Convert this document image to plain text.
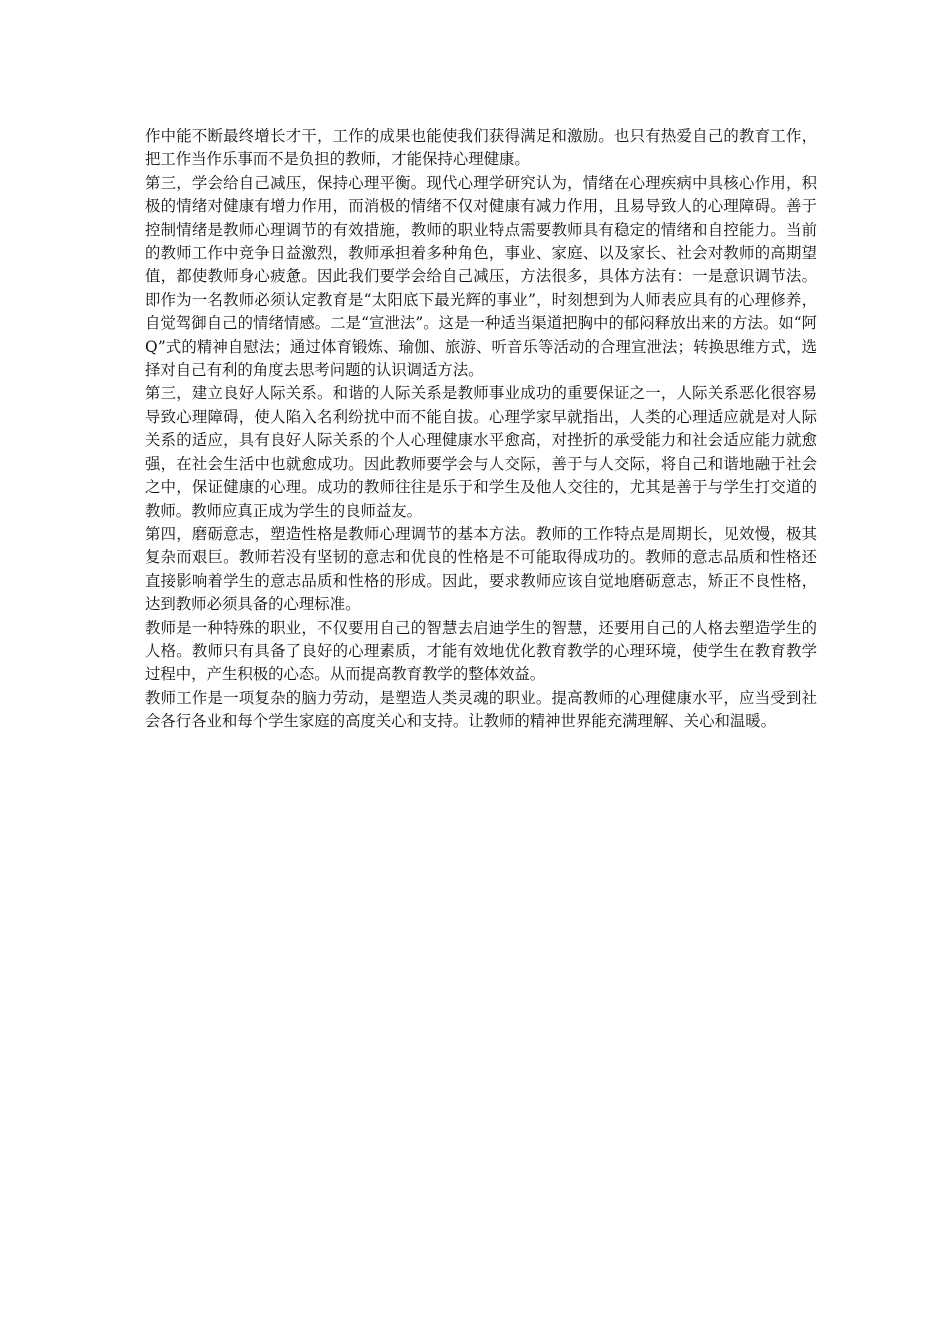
作中能不断最终增长才干，工作的成果也能使我们获得满足和激励。也只有热爱自己的教育工作，把工作当作乐事而不是负担的教师，才能保持心理健康。

第三，学会给自己减压，保持心理平衡。现代心理学研究认为，情绪在心理疾病中具核心作用，积极的情绪对健康有增力作用，而消极的情绪不仅对健康有减力作用，且易导致人的心理障碍。善于控制情绪是教师心理调节的有效措施，教师的职业特点需要教师具有稳定的情绪和自控能力。当前的教师工作中竞争日益激烈，教师承担着多种角色，事业、家庭、以及家长、社会对教师的高期望值，都使教师身心疲惫。因此我们要学会给自己减压，方法很多，具体方法有：一是意识调节法。即作为一名教师必须认定教育是“太阳底下最光辉的事业”，时刻想到为人师表应具有的心理修养，自觉驾御自己的情绪情感。二是“宣泄法”。这是一种适当渠道把胸中的郁闷释放出来的方法。如“阿Q”式的精神自慰法；通过体育锻炼、瑜伽、旅游、听音乐等活动的合理宣泄法；转换思维方式，选择对自己有利的角度去思考问题的认识调适方法。

第三，建立良好人际关系。和谐的人际关系是教师事业成功的重要保证之一，人际关系恶化很容易导致心理障碍，使人陷入名利纷扰中而不能自拔。心理学家早就指出，人类的心理适应就是对人际关系的适应，具有良好人际关系的个人心理健康水平愈高，对挫折的承受能力和社会适应能力就愈强，在社会生活中也就愈成功。因此教师要学会与人交际，善于与人交际，将自己和谐地融于社会之中，保证健康的心理。成功的教师往往是乐于和学生及他人交往的，尤其是善于与学生打交道的教师。教师应真正成为学生的良师益友。

第四，磨砺意志，塑造性格是教师心理调节的基本方法。教师的工作特点是周期长，见效慢，极其复杂而艰巨。教师若没有坚韧的意志和优良的性格是不可能取得成功的。教师的意志品质和性格还直接影响着学生的意志品质和性格的形成。因此，要求教师应该自觉地磨砺意志，矫正不良性格，达到教师必须具备的心理标准。

教师是一种特殊的职业，不仅要用自己的智慧去启迪学生的智慧，还要用自己的人格去塑造学生的人格。教师只有具备了良好的心理素质，才能有效地优化教育教学的心理环境，使学生在教育教学过程中，产生积极的心态。从而提高教育教学的整体效益。

教师工作是一项复杂的脑力劳动，是塑造人类灵魂的职业。提高教师的心理健康水平，应当受到社会各行各业和每个学生家庭的高度关心和支持。让教师的精神世界能充满理解、关心和温暖。
